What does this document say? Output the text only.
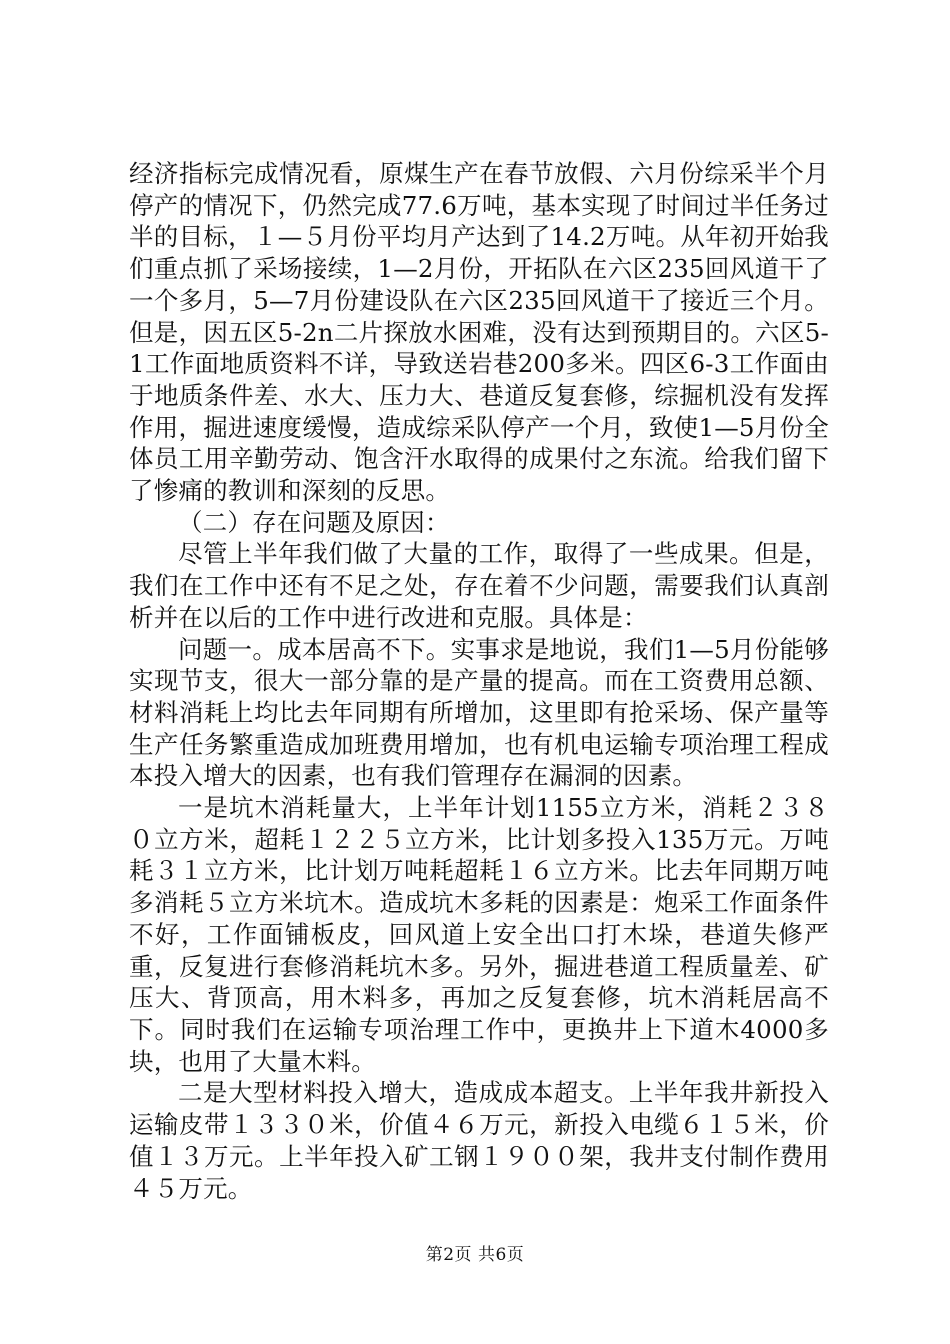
经济指标完成情况看，原煤生产在春节放假、六月份综采半个月停产的情况下，仍然完成77.6万吨，基本实现了时间过半任务过半的目标，１—５月份平均月产达到了14.2万吨。从年初开始我们重点抓了采场接续，1—2月份，开拓队在六区235回风道干了一个多月，5—7月份建设队在六区235回风道干了接近三个月。但是，因五区5-2n二片探放水困难，没有达到预期目的。六区5-1工作面地质资料不详，导致送岩巷200多米。四区6-3工作面由于地质条件差、水大、压力大、巷道反复套修，综掘机没有发挥作用，掘进速度缓慢，造成综采队停产一个月，致使1—5月份全体员工用辛勤劳动、饱含汗水取得的成果付之东流。给我们留下了惨痛的教训和深刻的反思。

（二）存在问题及原因：

尽管上半年我们做了大量的工作，取得了一些成果。但是，我们在工作中还有不足之处，存在着不少问题，需要我们认真剖析并在以后的工作中进行改进和克服。具体是：

问题一。成本居高不下。实事求是地说，我们1—5月份能够实现节支，很大一部分靠的是产量的提高。而在工资费用总额、材料消耗上均比去年同期有所增加，这里即有抢采场、保产量等生产任务繁重造成加班费用增加，也有机电运输专项治理工程成本投入增大的因素，也有我们管理存在漏洞的因素。

一是坑木消耗量大，上半年计划1155立方米，消耗２３８０立方米，超耗１２２５立方米，比计划多投入135万元。万吨耗３１立方米，比计划万吨耗超耗１６立方米。比去年同期万吨多消耗５立方米坑木。造成坑木多耗的因素是：炮采工作面条件不好，工作面铺板皮，回风道上安全出口打木垛，巷道失修严重，反复进行套修消耗坑木多。另外，掘进巷道工程质量差、矿压大、背顶高，用木料多，再加之反复套修，坑木消耗居高不下。同时我们在运输专项治理工作中，更换井上下道木4000多块，也用了大量木料。

二是大型材料投入增大，造成成本超支。上半年我井新投入运输皮带１３３０米，价值４６万元，新投入电缆６１５米，价值１３万元。上半年投入矿工钢１９００架，我井支付制作费用４５万元。

第2页 共6页
